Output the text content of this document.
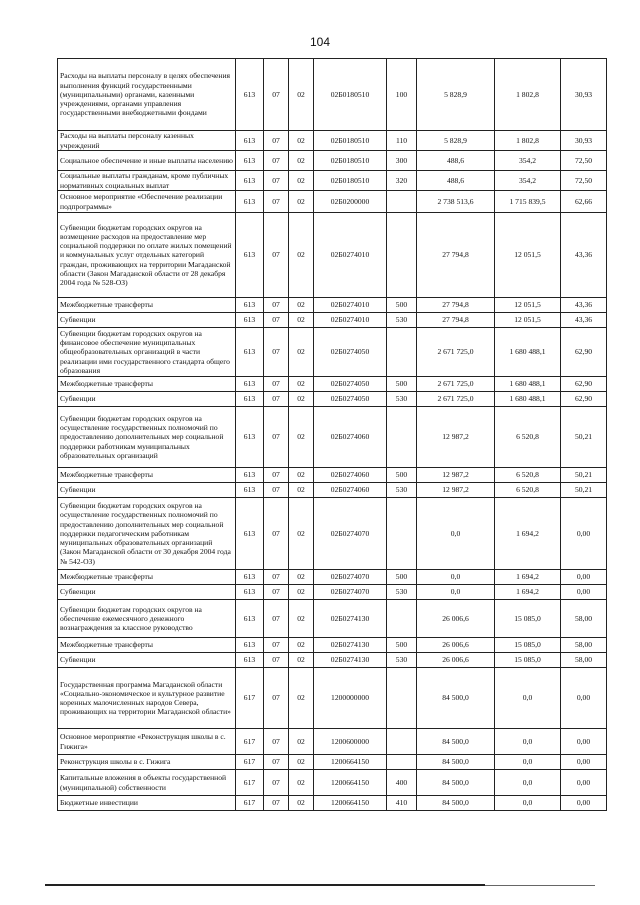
104
Расходы на выплаты персоналу в целях обеспечения выполнения функций государственными (муниципальными) органами, казенными учреждениями, органами управления государственными внебюджетными фондами	613	07	02	02Б0180510	100	5 828,9	1 802,8	30,93
Расходы на выплаты персоналу казенных учреждений	613	07	02	02Б0180510	110	5 828,9	1 802,8	30,93
Социальное обеспечение и иные выплаты населению	613	07	02	02Б0180510	300	488,6	354,2	72,50
Социальные выплаты гражданам, кроме публичных нормативных социальных выплат	613	07	02	02Б0180510	320	488,6	354,2	72,50
Основное мероприятие «Обеспечение реализации подпрограммы»	613	07	02	02Б0200000		2 738 513,6	1 715 839,5	62,66
Субвенции бюджетам городских округов на возмещение расходов на предоставление мер социальной поддержки по оплате жилых помещений и коммунальных услуг отдельных категорий граждан, проживающих на территории Магаданской области (Закон Магаданской области от 28 декабря 2004 года № 528-ОЗ)	613	07	02	02Б0274010		27 794,8	12 051,5	43,36
Межбюджетные трансферты	613	07	02	02Б0274010	500	27 794,8	12 051,5	43,36
Субвенции	613	07	02	02Б0274010	530	27 794,8	12 051,5	43,36
Субвенции бюджетам городских округов на финансовое обеспечение муниципальных общеобразовательных организаций в части реализации ими государственного стандарта общего образования	613	07	02	02Б0274050		2 671 725,0	1 680 488,1	62,90
Межбюджетные трансферты	613	07	02	02Б0274050	500	2 671 725,0	1 680 488,1	62,90
Субвенции	613	07	02	02Б0274050	530	2 671 725,0	1 680 488,1	62,90
Субвенции бюджетам городских округов на осуществление государственных полномочий по предоставлению дополнительных мер социальной поддержки работникам муниципальных образовательных организаций	613	07	02	02Б0274060		12 987,2	6 520,8	50,21
Межбюджетные трансферты	613	07	02	02Б0274060	500	12 987,2	6 520,8	50,21
Субвенции	613	07	02	02Б0274060	530	12 987,2	6 520,8	50,21
Субвенции бюджетам городских округов на осуществление государственных полномочий по предоставлению дополнительных мер социальной поддержки педагогическим работникам муниципальных образовательных организаций (Закон Магаданской области от 30 декабря 2004 года № 542-ОЗ)	613	07	02	02Б0274070		0,0	1 694,2	0,00
Межбюджетные трансферты	613	07	02	02Б0274070	500	0,0	1 694,2	0,00
Субвенции	613	07	02	02Б0274070	530	0,0	1 694,2	0,00
Субвенции бюджетам городских округов на обеспечение ежемесячного денежного вознаграждения за классное руководство	613	07	02	02Б0274130		26 006,6	15 085,0	58,00
Межбюджетные трансферты	613	07	02	02Б0274130	500	26 006,6	15 085,0	58,00
Субвенции	613	07	02	02Б0274130	530	26 006,6	15 085,0	58,00
Государственная программа Магаданской области «Социально-экономическое и культурное развитие коренных малочисленных народов Севера, проживающих на территории Магаданской области»	617	07	02	1200000000		84 500,0	0,0	0,00
Основное мероприятие «Реконструкция школы в с. Гижига»	617	07	02	1200600000		84 500,0	0,0	0,00
Реконструкция школы в с. Гижига	617	07	02	1200664150		84 500,0	0,0	0,00
Капитальные вложения в объекты государственной (муниципальной) собственности	617	07	02	1200664150	400	84 500,0	0,0	0,00
Бюджетные инвестиции	617	07	02	1200664150	410	84 500,0	0,0	0,00
